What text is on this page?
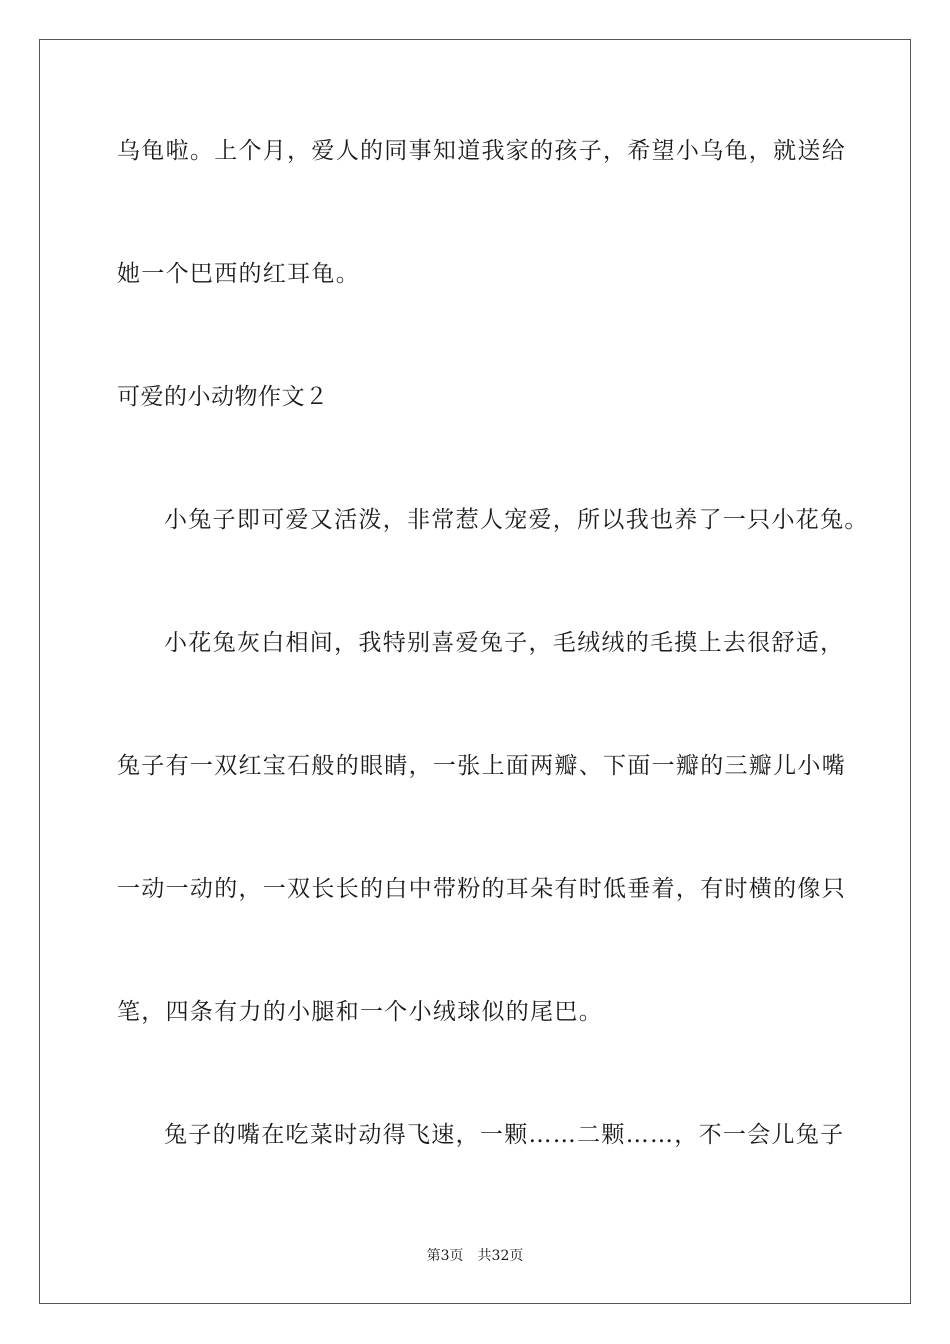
乌龟啦。上个月，爱人的同事知道我家的孩子，希望小乌龟，就送给
她一个巴西的红耳龟。
可爱的小动物作文２
小兔子即可爱又活泼，非常惹人宠爱，所以我也养了一只小花兔。
小花兔灰白相间，我特别喜爱兔子，毛绒绒的毛摸上去很舒适，
兔子有一双红宝石般的眼睛，一张上面两瓣、下面一瓣的三瓣儿小嘴
一动一动的，一双长长的白中带粉的耳朵有时低垂着，有时横的像只
笔，四条有力的小腿和一个小绒球似的尾巴。
兔子的嘴在吃菜时动得飞速，一颗……二颗……，不一会儿兔子
第3页 共32页
